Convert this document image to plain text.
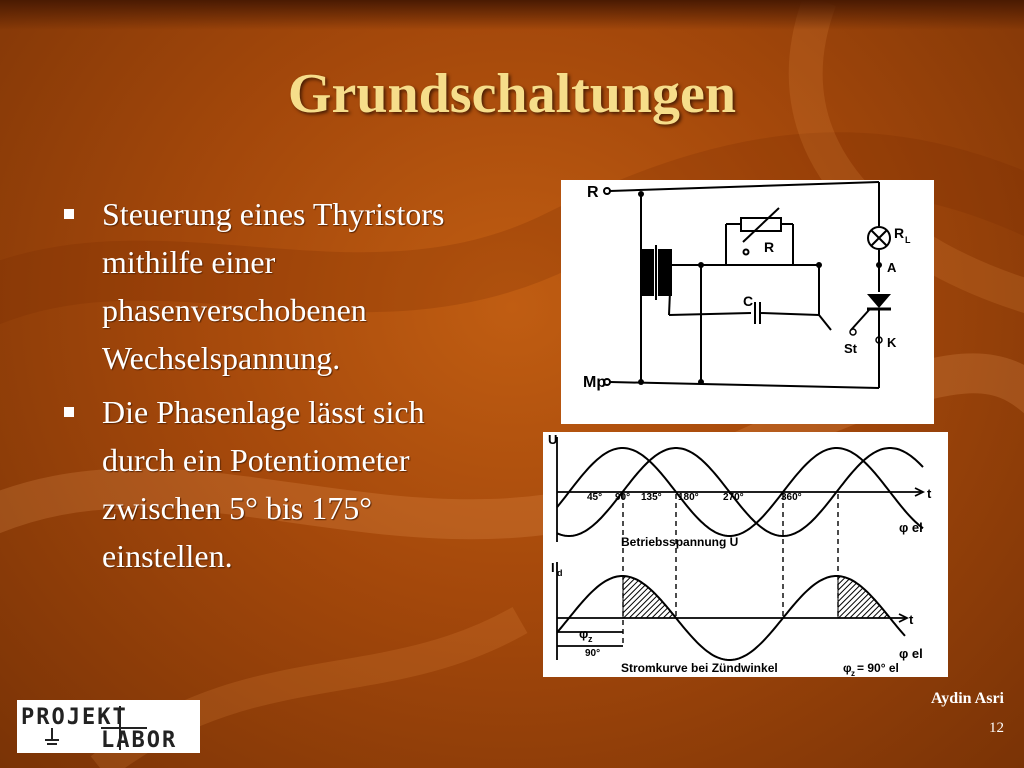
Grundschaltungen
Steuerung eines Thyristors mithilfe einer phasenverschobenen Wechselspannung.
Die Phasenlage lässt sich durch ein Potentiometer zwischen 5° bis 175° einstellen.
R
Mp
R
C
R L
A
K
St
U
t
φ el
45° 90° 135° 180° 270°	360°
Betriebsspannung U
I d
t
φ el
φ z
90°
Stromkurve bei Zündwinkel	φ z = 90° el
PROJEKT
LABOR
Aydin Asri
12
